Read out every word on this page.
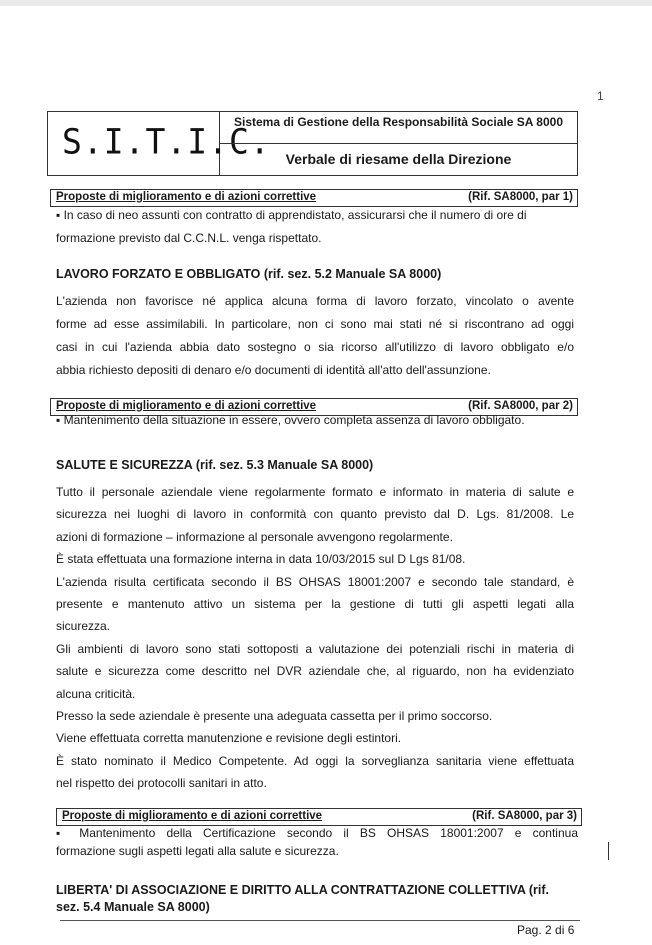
1
S.I.T.I.C.
Sistema di Gestione della Responsabilità Sociale SA 8000
Verbale di riesame della Direzione
Proposte di miglioramento e di azioni correttive	(Rif. SA8000, par 1)
▪ In caso di neo assunti con contratto di apprendistato, assicurarsi che il numero di ore di
formazione previsto dal C.C.N.L. venga rispettato.
LAVORO FORZATO E OBBLIGATO (rif. sez. 5.2 Manuale SA 8000)
L'azienda non favorisce né applica alcuna forma di lavoro forzato, vincolato o avente
forme ad esse assimilabili. In particolare, non ci sono mai stati né si riscontrano ad oggi
casi in cui l'azienda abbia dato sostegno o sia ricorso all'utilizzo di lavoro obbligato e/o
abbia richiesto depositi di denaro e/o documenti di identità all'atto dell'assunzione.
Proposte di miglioramento e di azioni correttive	(Rif. SA8000, par 2)
▪ Mantenimento della situazione in essere, ovvero completa assenza di lavoro obbligato.
SALUTE E SICUREZZA (rif. sez. 5.3 Manuale SA 8000)
Tutto il personale aziendale viene regolarmente formato e informato in materia di salute e
sicurezza nei luoghi di lavoro in conformità con quanto previsto dal D. Lgs. 81/2008. Le
azioni di formazione – informazione al personale avvengono regolarmente.
È stata effettuata una formazione interna in data 10/03/2015 sul D Lgs 81/08.
L'azienda risulta certificata secondo il BS OHSAS 18001:2007 e secondo tale standard, è
presente e mantenuto attivo un sistema per la gestione di tutti gli aspetti legati alla
sicurezza.
Gli ambienti di lavoro sono stati sottoposti a valutazione dei potenziali rischi in materia di
salute e sicurezza come descritto nel DVR aziendale che, al riguardo, non ha evidenziato
alcuna criticità.
Presso la sede aziendale è presente una adeguata cassetta per il primo soccorso.
Viene effettuata corretta manutenzione e revisione degli estintori.
È stato nominato il Medico Competente. Ad oggi la sorveglianza sanitaria viene effettuata
nel rispetto dei protocolli sanitari in atto.
Proposte di miglioramento e di azioni correttive	(Rif. SA8000, par 3)
▪ Mantenimento della Certificazione secondo il BS OHSAS 18001:2007 e continua
formazione sugli aspetti legati alla salute e sicurezza.
LIBERTA' DI ASSOCIAZIONE E DIRITTO ALLA CONTRATTAZIONE COLLETTIVA (rif.
sez. 5.4 Manuale SA 8000)
Pag. 2 di 6
